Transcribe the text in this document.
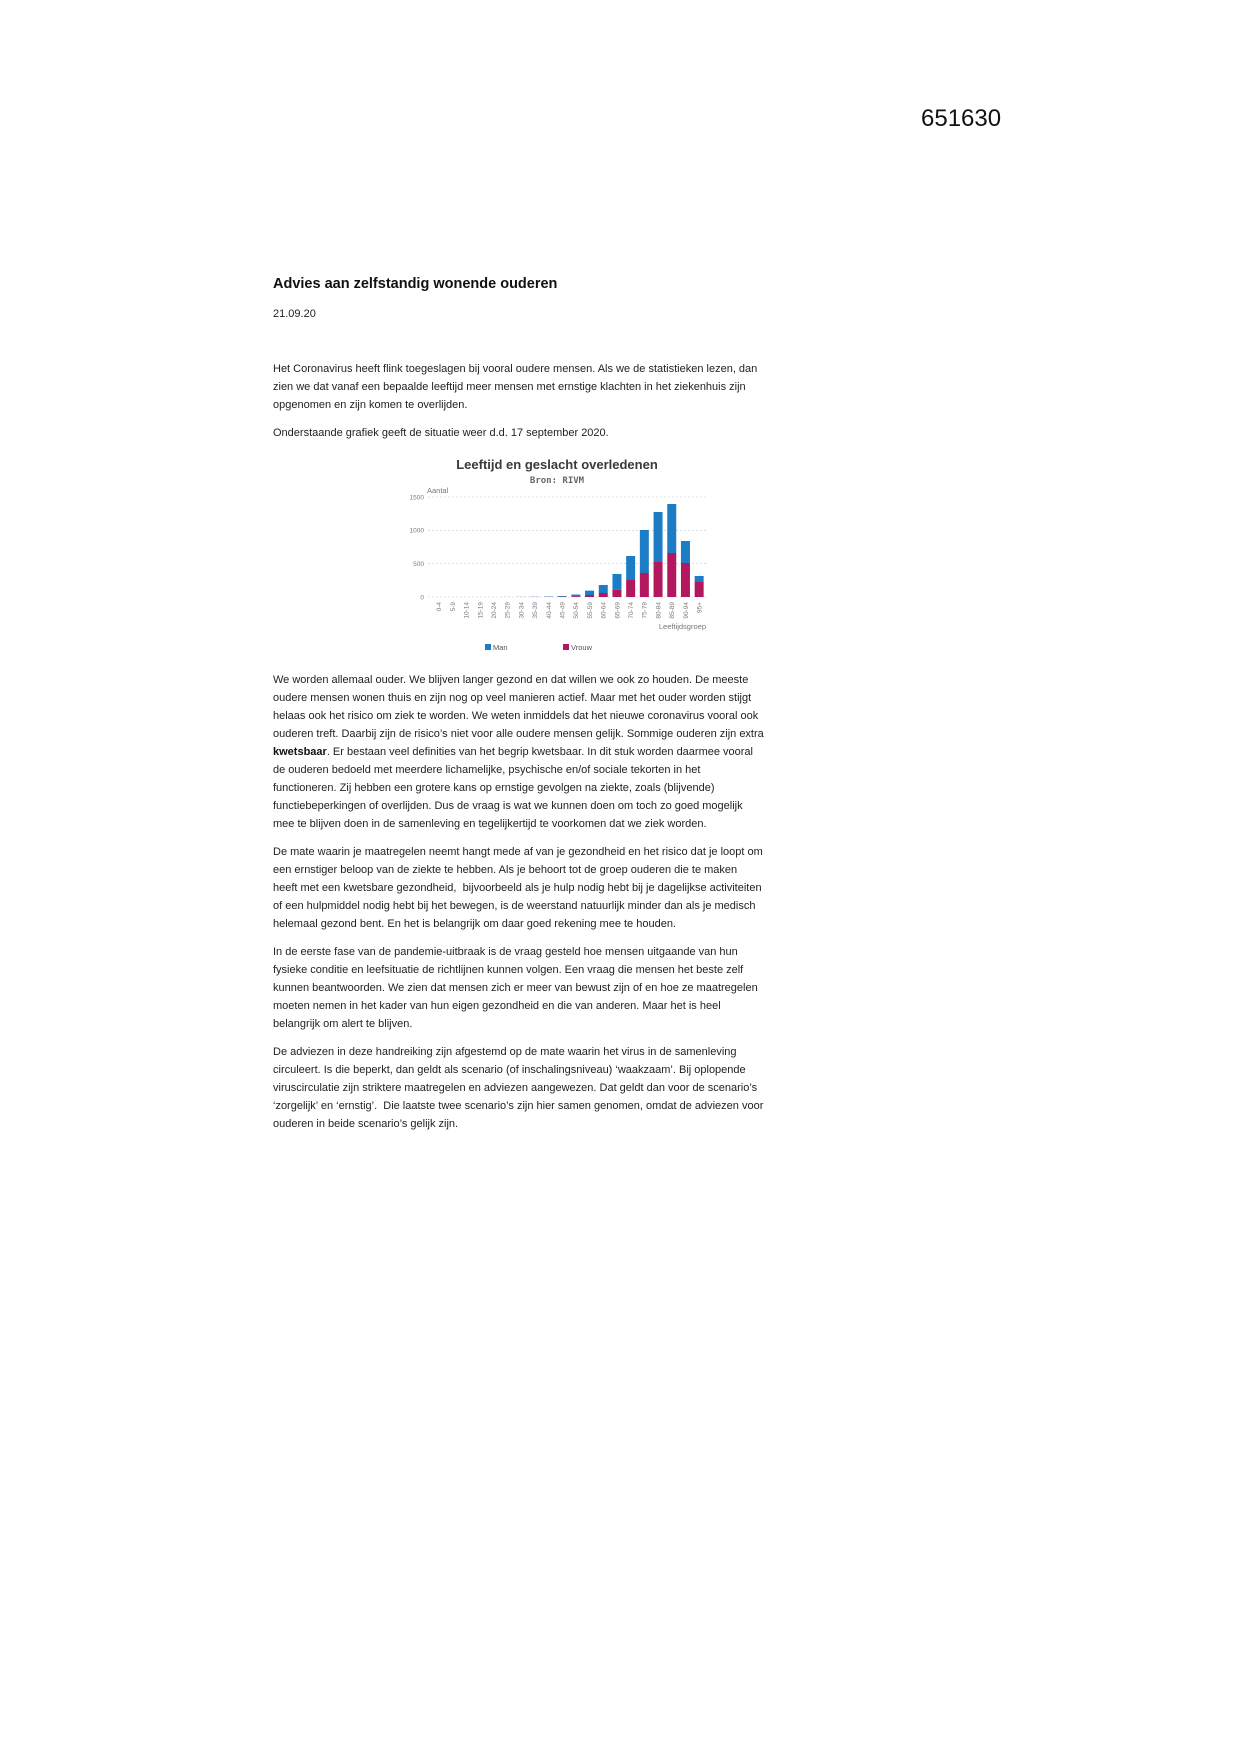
651630
Advies aan zelfstandig wonende ouderen
21.09.20
Het Coronavirus heeft flink toegeslagen bij vooral oudere mensen. Als we de statistieken lezen, dan
zien we dat vanaf een bepaalde leeftijd meer mensen met ernstige klachten in het ziekenhuis zijn
opgenomen en zijn komen te overlijden.
Onderstaande grafiek geeft de situatie weer d.d. 17 september 2020.
Leeftijd en geslacht overledenen
Bron: RIVM
Aantal
Leeftijdsgroep
0
500
1000
1500
0-4 5-9 10-14 15-19 20-24 25-29 30-34 35-39 40-44 45-49 50-54 55-59 60-64 65-69 70-74 75-79 80-84 85-89 90-94 95+
Man	Vrouw
We worden allemaal ouder. We blijven langer gezond en dat willen we ook zo houden. De meeste
oudere mensen wonen thuis en zijn nog op veel manieren actief. Maar met het ouder worden stijgt
helaas ook het risico om ziek te worden. We weten inmiddels dat het nieuwe coronavirus vooral ook
ouderen treft. Daarbij zijn de risico’s niet voor alle oudere mensen gelijk. Sommige ouderen zijn extra
kwetsbaar. Er bestaan veel definities van het begrip kwetsbaar. In dit stuk worden daarmee vooral
de ouderen bedoeld met meerdere lichamelijke, psychische en/of sociale tekorten in het
functioneren. Zij hebben een grotere kans op ernstige gevolgen na ziekte, zoals (blijvende)
functiebeperkingen of overlijden. Dus de vraag is wat we kunnen doen om toch zo goed mogelijk
mee te blijven doen in de samenleving en tegelijkertijd te voorkomen dat we ziek worden.
De mate waarin je maatregelen neemt hangt mede af van je gezondheid en het risico dat je loopt om
een ernstiger beloop van de ziekte te hebben. Als je behoort tot de groep ouderen die te maken
heeft met een kwetsbare gezondheid,  bijvoorbeeld als je hulp nodig hebt bij je dagelijkse activiteiten
of een hulpmiddel nodig hebt bij het bewegen, is de weerstand natuurlijk minder dan als je medisch
helemaal gezond bent. En het is belangrijk om daar goed rekening mee te houden.
In de eerste fase van de pandemie-uitbraak is de vraag gesteld hoe mensen uitgaande van hun
fysieke conditie en leefsituatie de richtlijnen kunnen volgen. Een vraag die mensen het beste zelf
kunnen beantwoorden. We zien dat mensen zich er meer van bewust zijn of en hoe ze maatregelen
moeten nemen in het kader van hun eigen gezondheid en die van anderen. Maar het is heel
belangrijk om alert te blijven.
De adviezen in deze handreiking zijn afgestemd op de mate waarin het virus in de samenleving
circuleert. Is die beperkt, dan geldt als scenario (of inschalingsniveau) ‘waakzaam’. Bij oplopende
viruscirculatie zijn striktere maatregelen en adviezen aangewezen. Dat geldt dan voor de scenario’s
‘zorgelijk’ en ‘ernstig’.  Die laatste twee scenario’s zijn hier samen genomen, omdat de adviezen voor
ouderen in beide scenario’s gelijk zijn.
